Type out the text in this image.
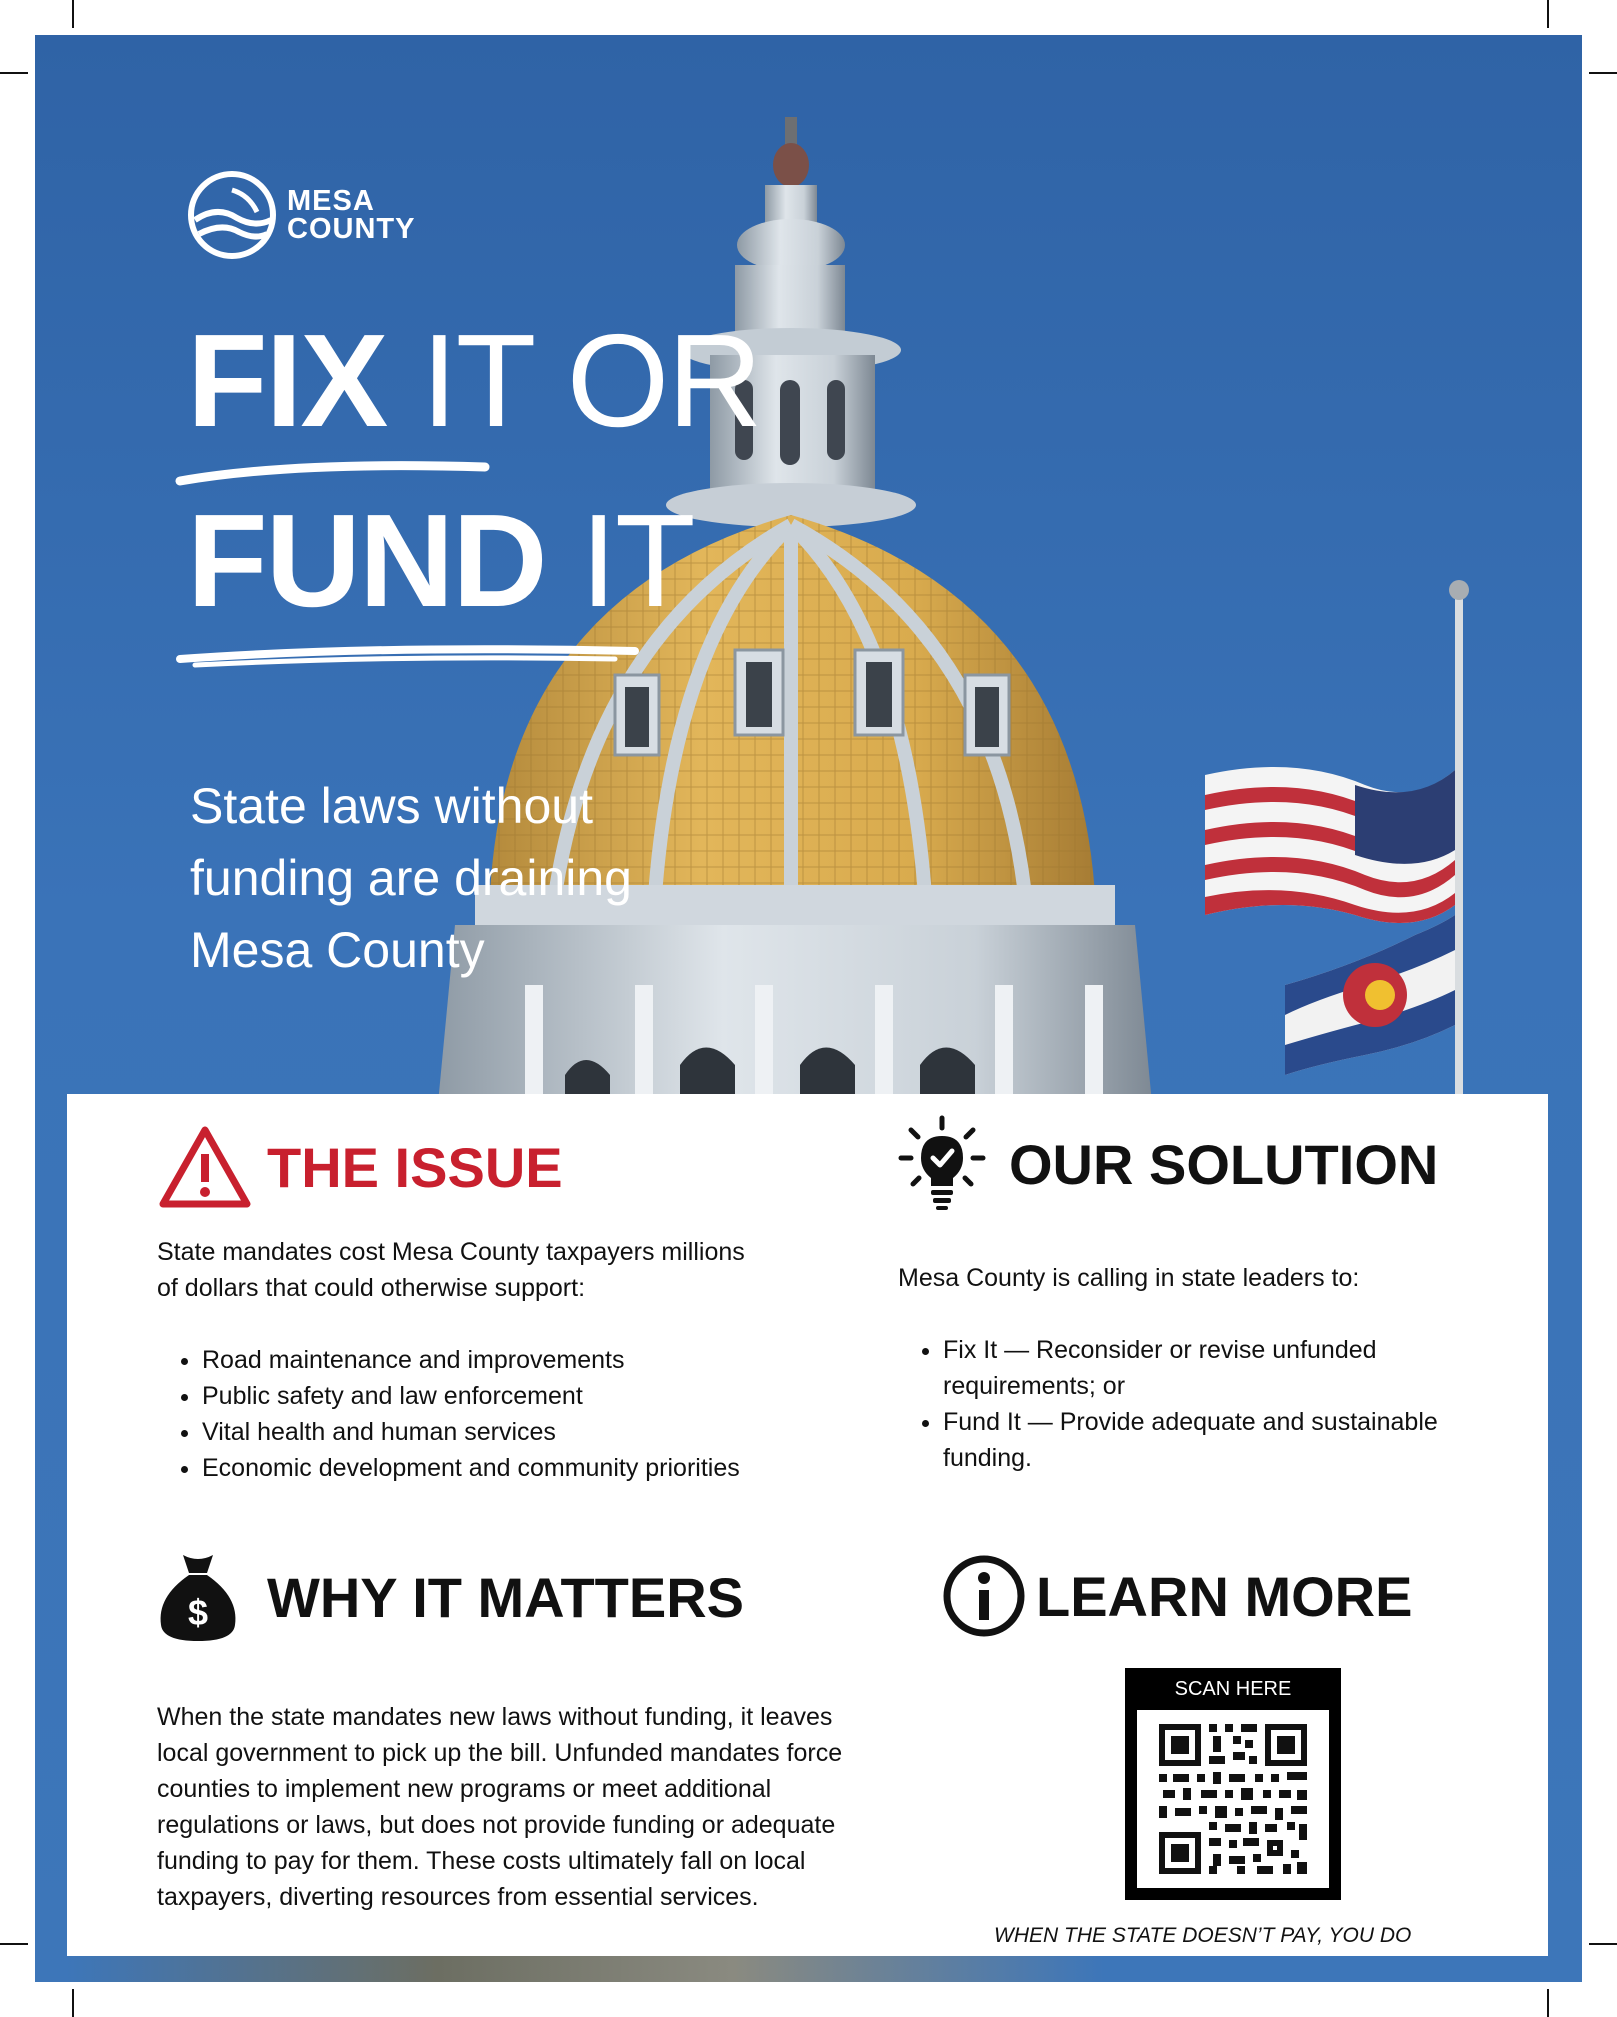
MESA
COUNTY
FIX IT OR
FUND IT
State laws without funding are draining Mesa County
THE ISSUE
State mandates cost Mesa County taxpayers millions of dollars that could otherwise support:
• Road maintenance and improvements
• Public safety and law enforcement
• Vital health and human services
• Economic development and community priorities
OUR SOLUTION
Mesa County is calling in state leaders to:
• Fix It — Reconsider or revise unfunded requirements; or
• Fund It — Provide adequate and sustainable funding.
$ WHY IT MATTERS
When the state mandates new laws without funding, it leaves local government to pick up the bill. Unfunded mandates force counties to implement new programs or meet additional regulations or laws, but does not provide funding or adequate funding to pay for them. These costs ultimately fall on local taxpayers, diverting resources from essential services.
LEARN MORE
SCAN HERE
WHEN THE STATE DOESN’T PAY, YOU DO
